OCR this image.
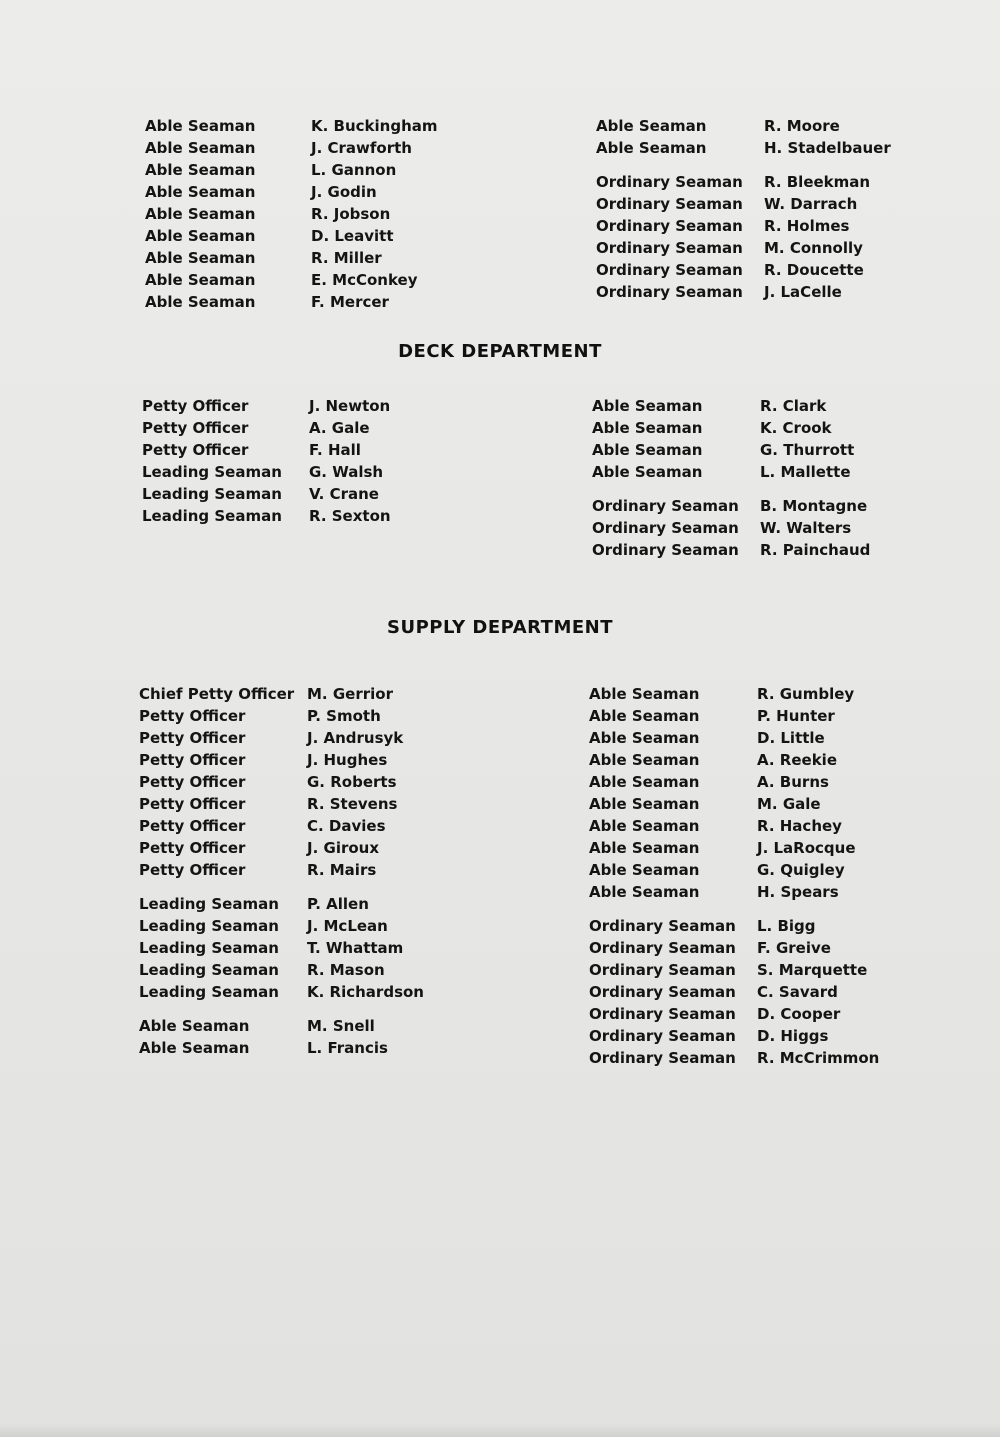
Able Seaman	K. Buckingham
Able Seaman	J. Crawforth
Able Seaman	L. Gannon
Able Seaman	J. Godin
Able Seaman	R. Jobson
Able Seaman	D. Leavitt
Able Seaman	R. Miller
Able Seaman	E. McConkey
Able Seaman	F. Mercer
Able Seaman	R. Moore
Able Seaman	H. Stadelbauer
Ordinary Seaman	R. Bleekman
Ordinary Seaman	W. Darrach
Ordinary Seaman	R. Holmes
Ordinary Seaman	M. Connolly
Ordinary Seaman	R. Doucette
Ordinary Seaman	J. LaCelle
DECK DEPARTMENT
Petty Officer	J. Newton
Petty Officer	A. Gale
Petty Officer	F. Hall
Leading Seaman	G. Walsh
Leading Seaman	V. Crane
Leading Seaman	R. Sexton
Able Seaman	R. Clark
Able Seaman	K. Crook
Able Seaman	G. Thurrott
Able Seaman	L. Mallette
Ordinary Seaman	B. Montagne
Ordinary Seaman	W. Walters
Ordinary Seaman	R. Painchaud
SUPPLY DEPARTMENT
Chief Petty Officer M. Gerrior
Petty Officer	P. Smoth
Petty Officer	J. Andrusyk
Petty Officer	J. Hughes
Petty Officer	G. Roberts
Petty Officer	R. Stevens
Petty Officer	C. Davies
Petty Officer	J. Giroux
Petty Officer	R. Mairs
Leading Seaman	P. Allen
Leading Seaman	J. McLean
Leading Seaman	T. Whattam
Leading Seaman	R. Mason
Leading Seaman	K. Richardson
Able Seaman	M. Snell
Able Seaman	L. Francis
Able Seaman	R. Gumbley
Able Seaman	P. Hunter
Able Seaman	D. Little
Able Seaman	A. Reekie
Able Seaman	A. Burns
Able Seaman	M. Gale
Able Seaman	R. Hachey
Able Seaman	J. LaRocque
Able Seaman	G. Quigley
Able Seaman	H. Spears
Ordinary Seaman	L. Bigg
Ordinary Seaman	F. Greive
Ordinary Seaman	S. Marquette
Ordinary Seaman	C. Savard
Ordinary Seaman	D. Cooper
Ordinary Seaman	D. Higgs
Ordinary Seaman	R. McCrimmon
